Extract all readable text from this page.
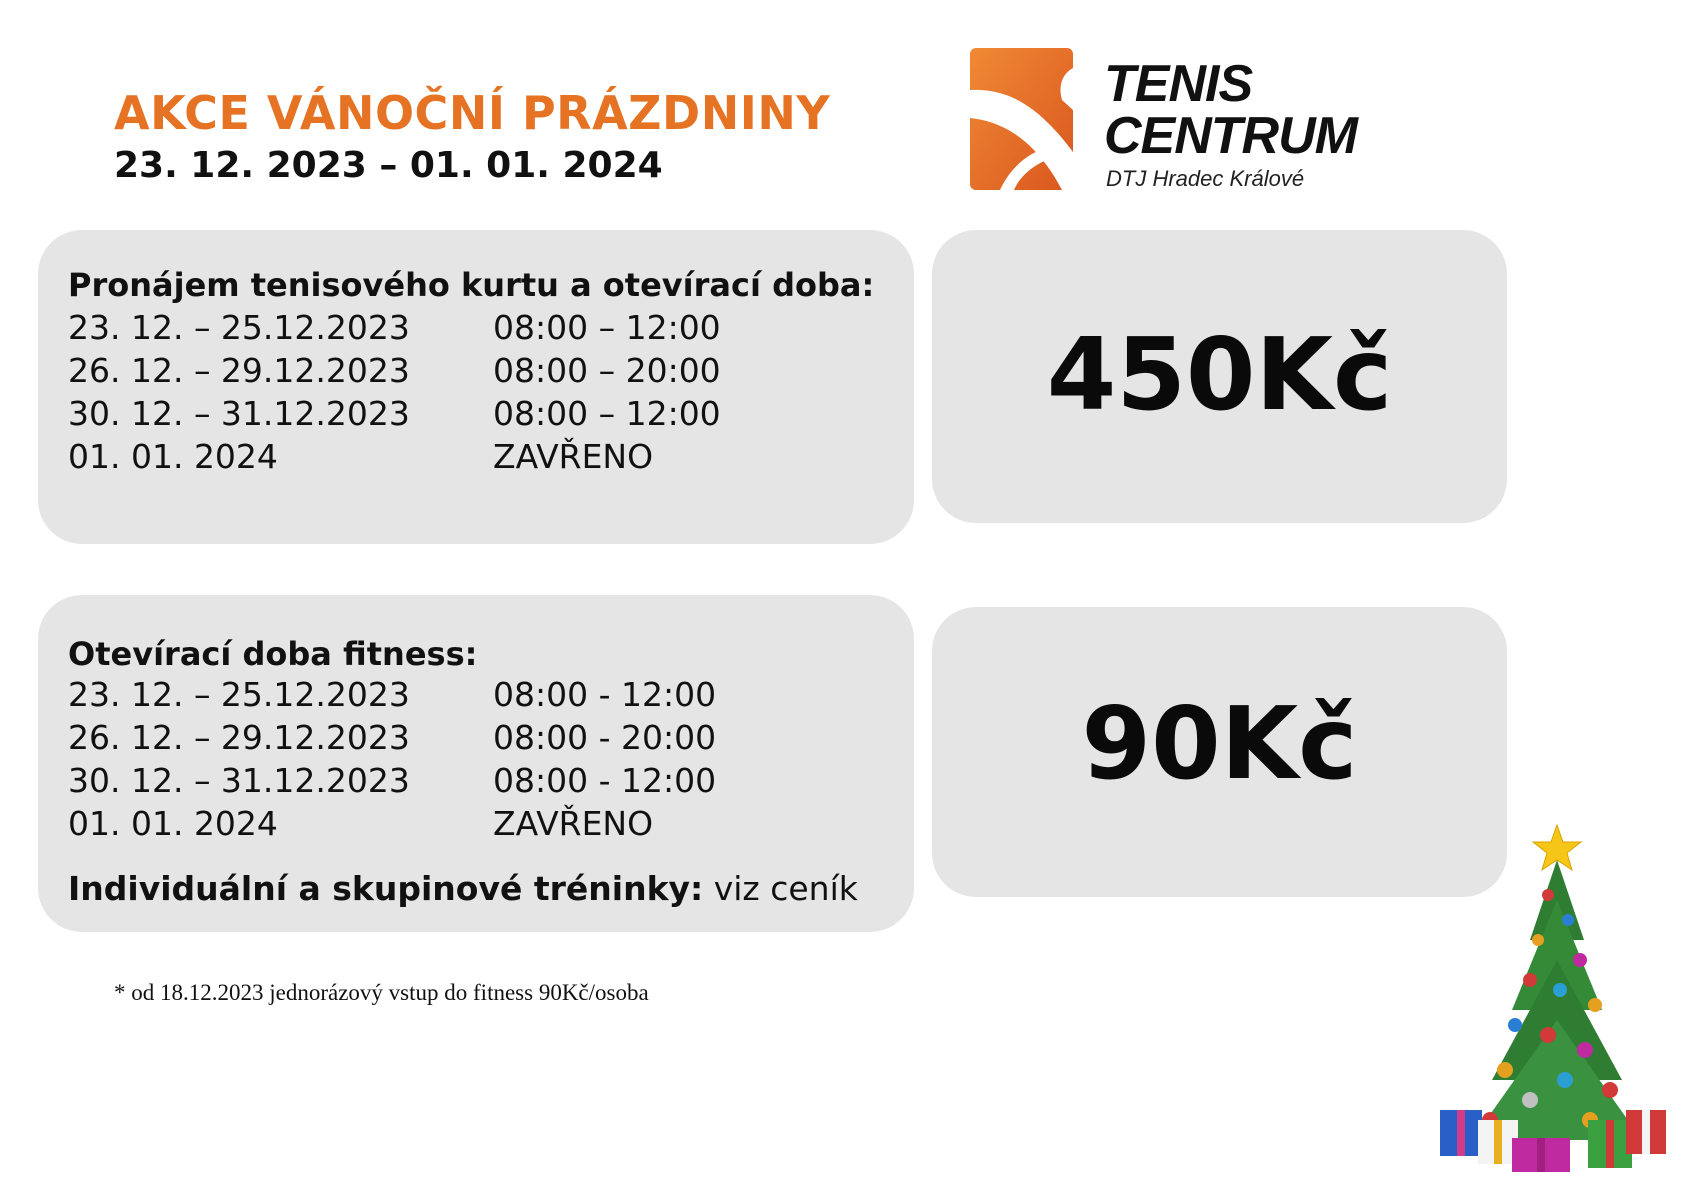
AKCE VÁNOČNÍ PRÁZDNINY
23. 12. 2023 – 01. 01. 2024
TENIS
CENTRUM
DTJ Hradec Králové
Pronájem tenisového kurtu a otevírací doba:
23. 12. – 25.12.2023	08:00 – 12:00
26. 12. – 29.12.2023	08:00 – 20:00
30. 12. – 31.12.2023	08:00 – 12:00
01. 01. 2024	ZAVŘENO
450Kč
Otevírací doba fitness:
23. 12. – 25.12.2023	08:00 - 12:00
26. 12. – 29.12.2023	08:00 - 20:00
30. 12. – 31.12.2023	08:00 - 12:00
01. 01. 2024	ZAVŘENO
Individuální a skupinové tréninky: viz ceník
90Kč
* od 18.12.2023 jednorázový vstup do fitness 90Kč/osoba
